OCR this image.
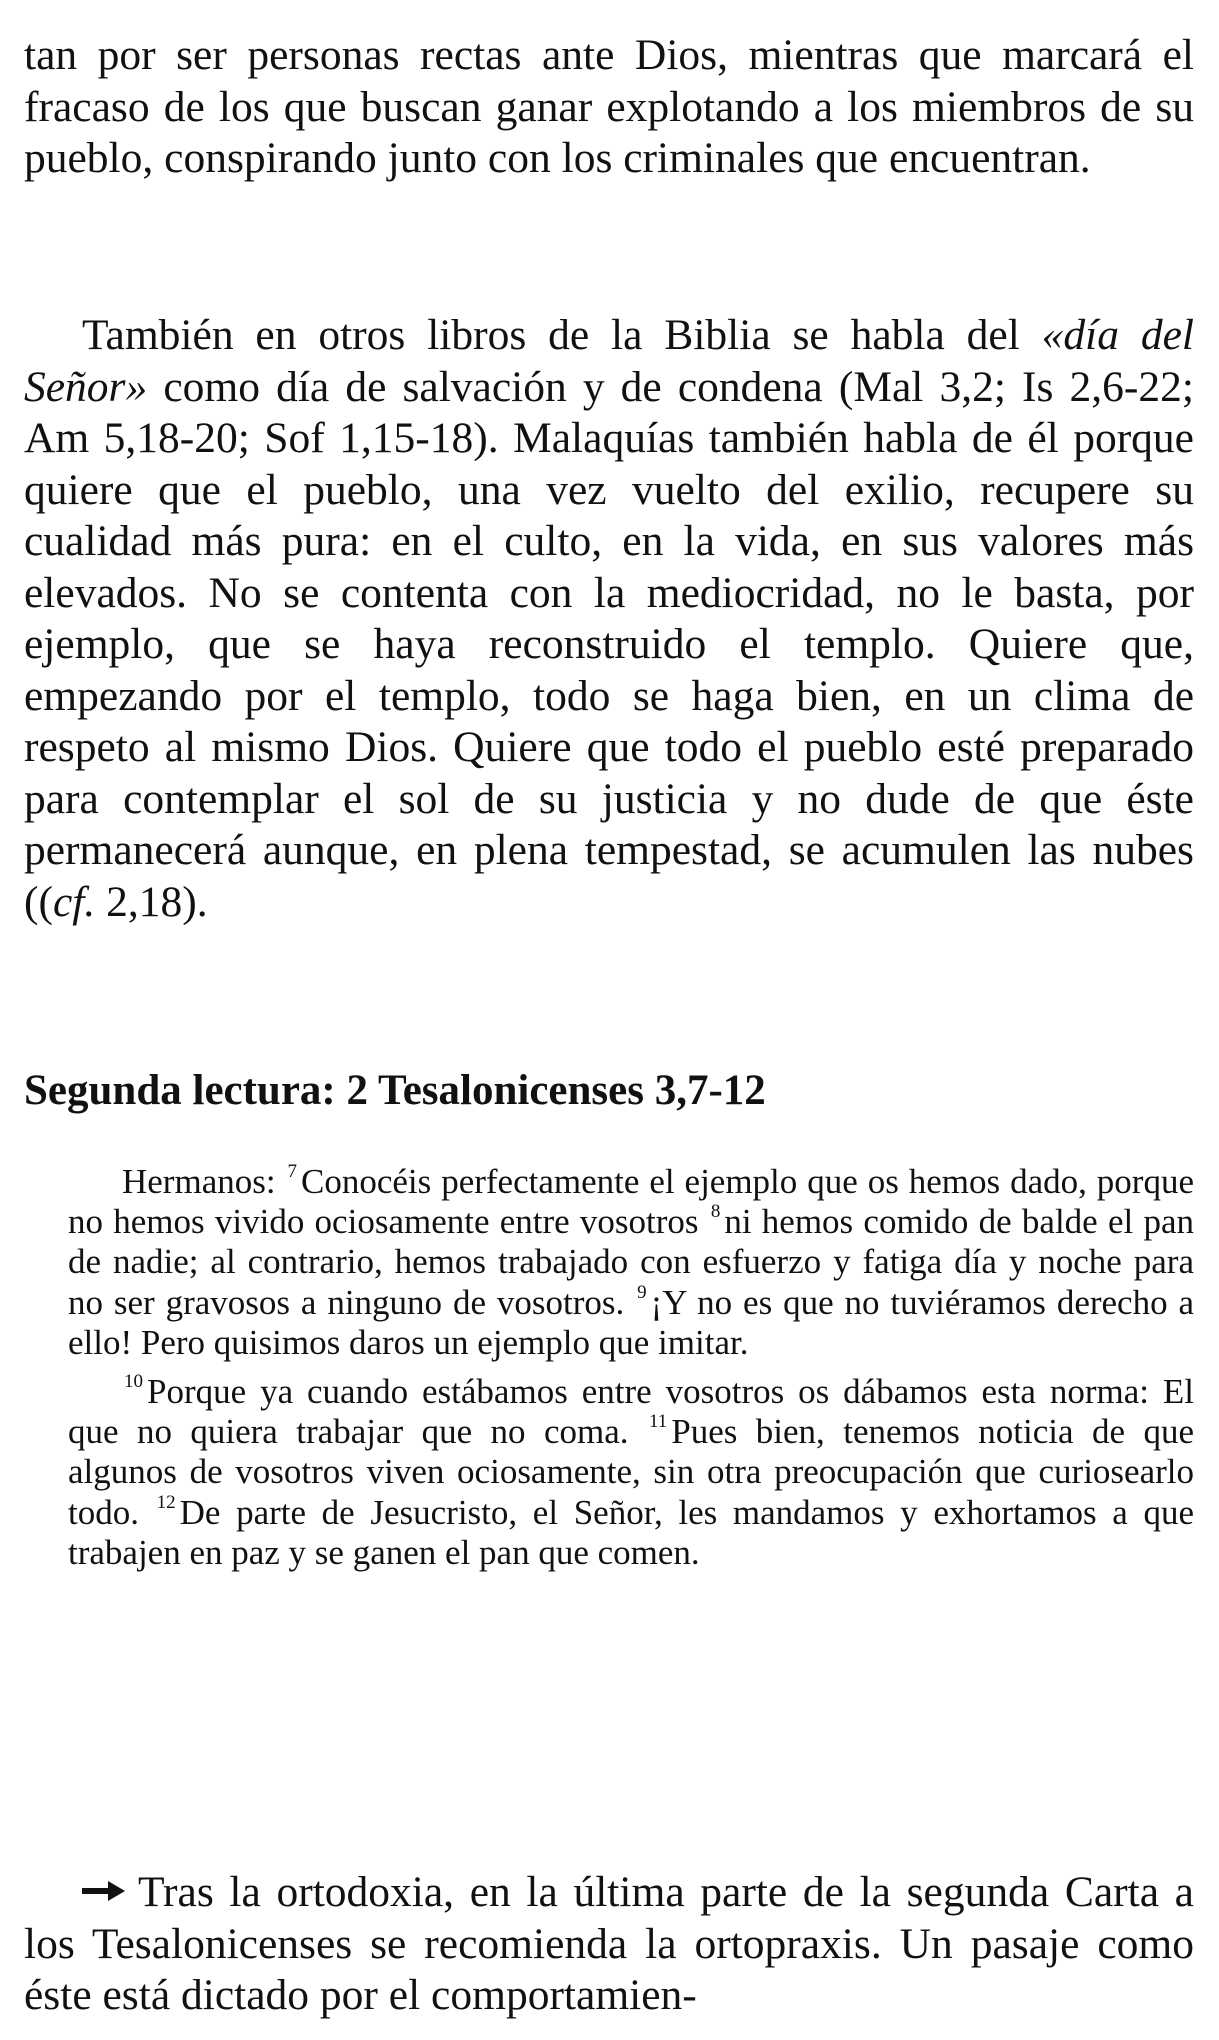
tan por ser personas rectas ante Dios, mientras que marcará el fracaso de los que buscan ganar explotando a los miembros de su pueblo, conspirando junto con los criminales que encuentran.

También en otros libros de la Biblia se habla del «día del Señor» como día de salvación y de condena (Mal 3,2; Is 2,6-22; Am 5,18-20; Sof 1,15-18). Malaquías también habla de él porque quiere que el pueblo, una vez vuelto del exilio, recupere su cualidad más pura: en el culto, en la vida, en sus valores más elevados. No se contenta con la mediocridad, no le basta, por ejemplo, que se haya reconstruido el templo. Quiere que, empezando por el templo, todo se haga bien, en un clima de respeto al mismo Dios. Quiere que todo el pueblo esté preparado para contemplar el sol de su justicia y no dude de que éste permanecerá aunque, en plena tempestad, se acumulen las nubes ((cf. 2,18).

Segunda lectura: 2 Tesalonicenses 3,7-12

Hermanos: $^7$ Conocéis perfectamente el ejemplo que os hemos dado, porque no hemos vivido ociosamente entre vosotros $^8$ ni hemos comido de balde el pan de nadie; al contrario, hemos trabajado con esfuerzo y fatiga día y noche para no ser gravosos a ninguno de vosotros. $^9$ ¡Y no es que no tuviéramos derecho a ello! Pero quisimos daros un ejemplo que imitar.

$^{10}$ Porque ya cuando estábamos entre vosotros os dábamos esta norma: El que no quiera trabajar que no coma. $^{11}$ Pues bien, tenemos noticia de que algunos de vosotros viven ociosamente, sin otra preocupación que curiosearlo todo. $^{12}$ De parte de Jesucristo, el Señor, les mandamos y exhortamos a que trabajen en paz y se ganen el pan que comen.

Tras la ortodoxia, en la última parte de la segunda Carta a los Tesalonicenses se recomienda la ortopraxis. Un pasaje como éste está dictado por el comportamien-
